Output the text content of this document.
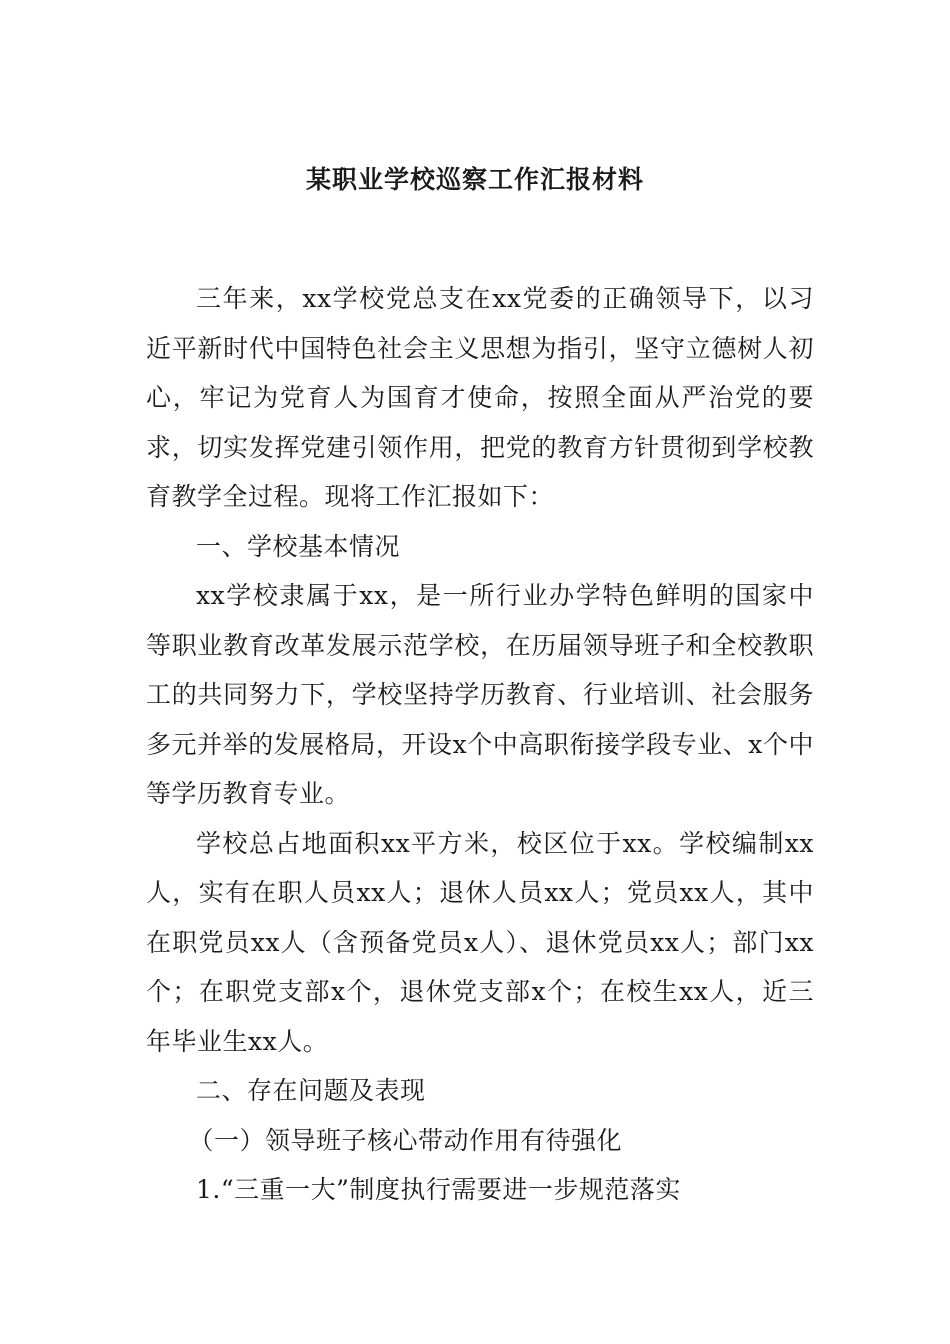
某职业学校巡察工作汇报材料

三年来，xx学校党总支在xx党委的正确领导下，以习近平新时代中国特色社会主义思想为指引，坚守立德树人初心，牢记为党育人为国育才使命，按照全面从严治党的要求，切实发挥党建引领作用，把党的教育方针贯彻到学校教育教学全过程。现将工作汇报如下：

一、学校基本情况

xx学校隶属于xx，是一所行业办学特色鲜明的国家中等职业教育改革发展示范学校，在历届领导班子和全校教职工的共同努力下，学校坚持学历教育、行业培训、社会服务多元并举的发展格局，开设x个中高职衔接学段专业、x个中等学历教育专业。

学校总占地面积xx平方米，校区位于xx。学校编制xx人，实有在职人员xx人；退休人员xx人；党员xx人，其中在职党员xx人（含预备党员x人）、退休党员xx人；部门xx个；在职党支部x个，退休党支部x个；在校生xx人，近三年毕业生xx人。

二、存在问题及表现

（一）领导班子核心带动作用有待强化

1.“三重一大”制度执行需要进一步规范落实
